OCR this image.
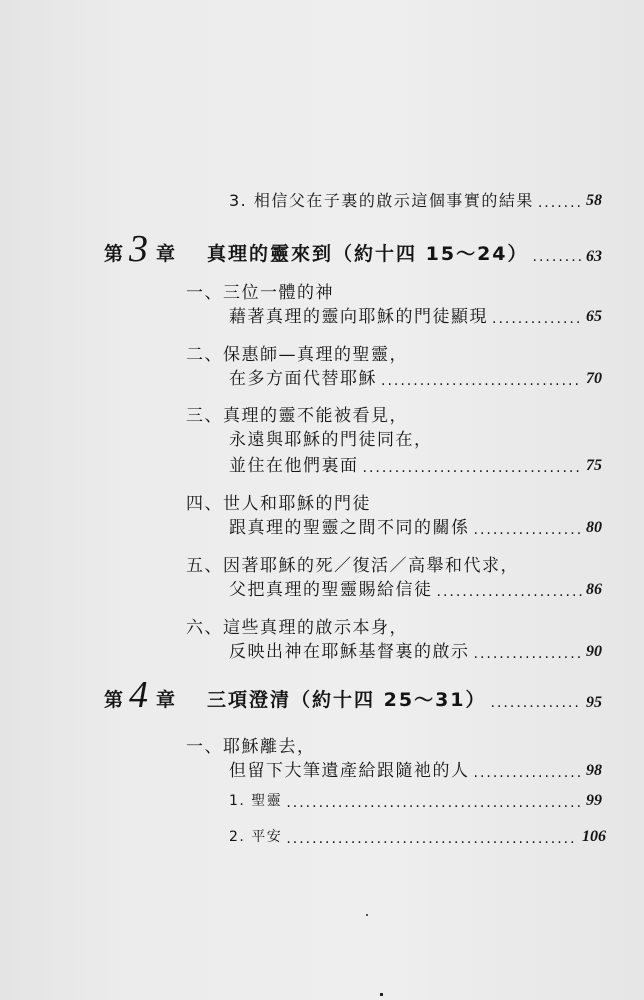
3. 相信父在子裏的啟示這個事實的結果 .....	58
第 3 章 真理的靈來到（約十四 15～24） .....	63
一、 三位一體的神
藉著真理的靈向耶穌的門徒顯現 .....	65
二、 保惠師—真理的聖靈，
在多方面代替耶穌 .....	70
三、 真理的靈不能被看見，
永遠與耶穌的門徒同在，
並住在他們裏面 .....	75
四、 世人和耶穌的門徒
跟真理的聖靈之間不同的關係 .....	80
五、 因著耶穌的死／復活／高舉和代求，
父把真理的聖靈賜給信徒 .....	86
六、 這些真理的啟示本身，
反映出神在耶穌基督裏的啟示 .....	90
第 4 章 三項澄清（約十四 25～31） .....	95
一、 耶穌離去，
但留下大筆遺產給跟隨祂的人 .....	98
1. 聖靈 .....	99
2. 平安 .....	106
